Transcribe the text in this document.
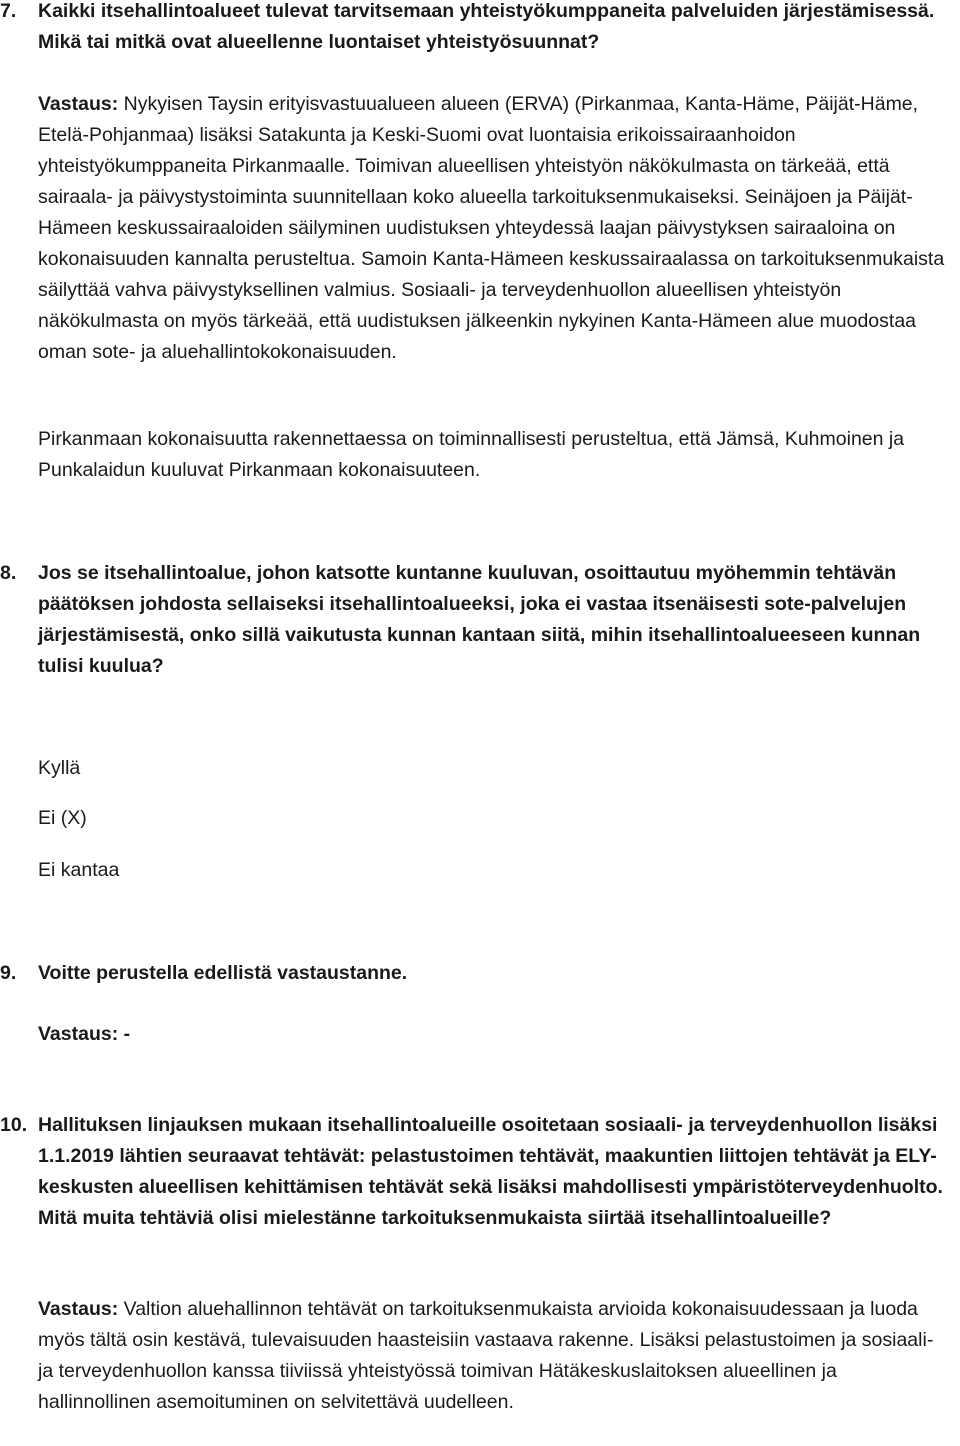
7. Kaikki itsehallintoalueet tulevat tarvitsemaan yhteistyökumppaneita palveluiden järjestämisessä. Mikä tai mitkä ovat alueellenne luontaiset yhteistyösuunnat?
Vastaus: Nykyisen Taysin erityisvastuualueen alueen (ERVA) (Pirkanmaa, Kanta-Häme, Päijät-Häme, Etelä-Pohjanmaa) lisäksi Satakunta ja Keski-Suomi ovat luontaisia erikoissairaanhoidon yhteistyökumppaneita Pirkanmaalle. Toimivan alueellisen yhteistyön näkökulmasta on tärkeää, että sairaala- ja päivystystoiminta suunnitellaan koko alueella tarkoituksenmukaiseksi. Seinäjoen ja Päijät-Hämeen keskussairaaloiden säilyminen uudistuksen yhteydessä laajan päivystyksen sairaaloina on kokonaisuuden kannalta perusteltua. Samoin Kanta-Hämeen keskussairaalassa on tarkoituksenmukaista säilyttää vahva päivystyksellinen valmius. Sosiaali- ja terveydenhuollon alueellisen yhteistyön näkökulmasta on myös tärkeää, että uudistuksen jälkeenkin nykyinen Kanta-Hämeen alue muodostaa oman sote- ja aluehallintokokonaisuuden.
Pirkanmaan kokonaisuutta rakennettaessa on toiminnallisesti perusteltua, että Jämsä, Kuhmoinen ja Punkalaidun kuuluvat Pirkanmaan kokonaisuuteen.
8. Jos se itsehallintoalue, johon katsotte kuntanne kuuluvan, osoittautuu myöhemmin tehtävän päätöksen johdosta sellaiseksi itsehallintoalueeksi, joka ei vastaa itsenäisesti sote-palvelujen järjestämisestä, onko sillä vaikutusta kunnan kantaan siitä, mihin itsehallintoalueeseen kunnan tulisi kuulua?
Kyllä
Ei (X)
Ei kantaa
9. Voitte perustella edellistä vastaustanne.
Vastaus: -
10. Hallituksen linjauksen mukaan itsehallintoalueille osoitetaan sosiaali- ja terveydenhuollon lisäksi 1.1.2019 lähtien seuraavat tehtävät: pelastustoimen tehtävät, maakuntien liittojen tehtävät ja ELY-keskusten alueellisen kehittämisen tehtävät sekä lisäksi mahdollisesti ympäristöterveydenhuolto. Mitä muita tehtäviä olisi mielestänne tarkoituksenmukaista siirtää itsehallintoalueille?
Vastaus: Valtion aluehallinnon tehtävät on tarkoituksenmukaista arvioida kokonaisuudessaan ja luoda myös tältä osin kestävä, tulevaisuuden haasteisiin vastaava rakenne. Lisäksi pelastustoimen ja sosiaali- ja terveydenhuollon kanssa tiiviissä yhteistyössä toimivan Hätäkeskuslaitoksen alueellinen ja hallinnollinen asemoituminen on selvitettävä uudelleen.
